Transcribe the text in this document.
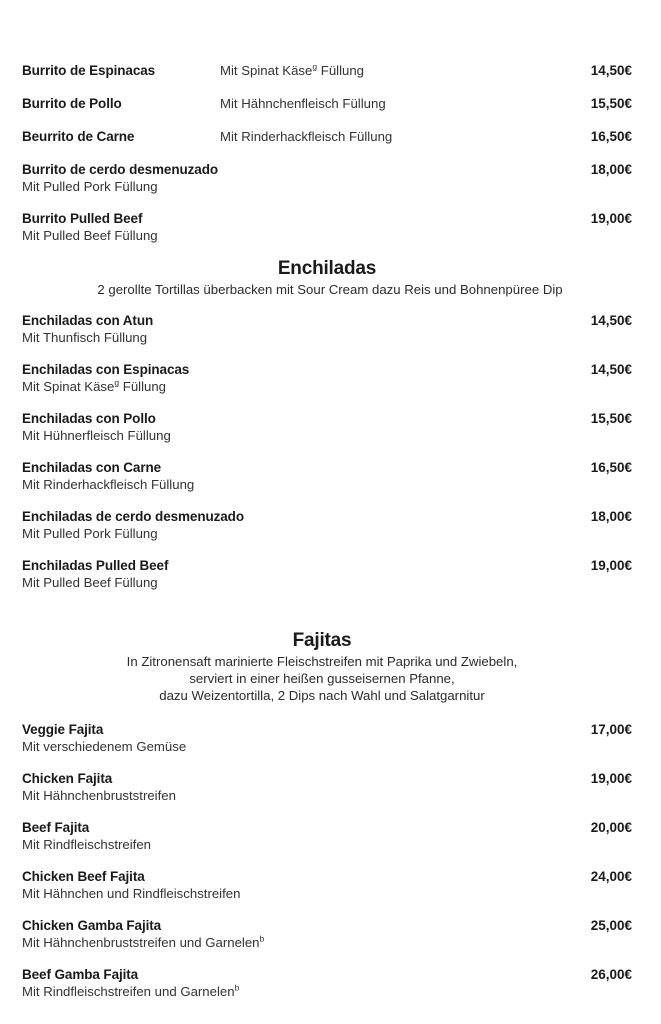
Burrito de Espinacas	Mit Spinat Käse$^g$ Füllung	14,50€
Burrito de Pollo	Mit Hähnchenfleisch Füllung	15,50€
Beurrito de Carne	Mit Rinderhackfleisch Füllung	16,50€
Burrito de cerdo desmenuzado	18,00€
Mit Pulled Pork Füllung
Burrito Pulled Beef	19,00€
Mit Pulled Beef Füllung
Enchiladas
2 gerollte Tortillas überbacken mit Sour Cream dazu Reis und Bohnenpüree Dip
Enchiladas con Atun	14,50€
Mit Thunfisch Füllung
Enchiladas con Espinacas	14,50€
Mit Spinat Käse$^g$ Füllung
Enchiladas con Pollo	15,50€
Mit Hühnerfleisch Füllung
Enchiladas con Carne	16,50€
Mit Rinderhackfleisch Füllung
Enchiladas de cerdo desmenuzado	18,00€
Mit Pulled Pork Füllung
Enchiladas Pulled Beef	19,00€
Mit Pulled Beef Füllung
Fajitas
In Zitronensaft marinierte Fleischstreifen mit Paprika und Zwiebeln,
serviert in einer heißen gusseisernen Pfanne,
dazu Weizentortilla, 2 Dips nach Wahl und Salatgarnitur
Veggie Fajita	17,00€
Mit verschiedenem Gemüse
Chicken Fajita	19,00€
Mit Hähnchenbruststreifen
Beef Fajita	20,00€
Mit Rindfleischstreifen
Chicken Beef Fajita	24,00€
Mit Hähnchen und Rindfleischstreifen
Chicken Gamba Fajita	25,00€
Mit Hähnchenbruststreifen und Garnelen$^b$
Beef Gamba Fajita	26,00€
Mit Rindfleischstreifen und Garnelen$^b$
